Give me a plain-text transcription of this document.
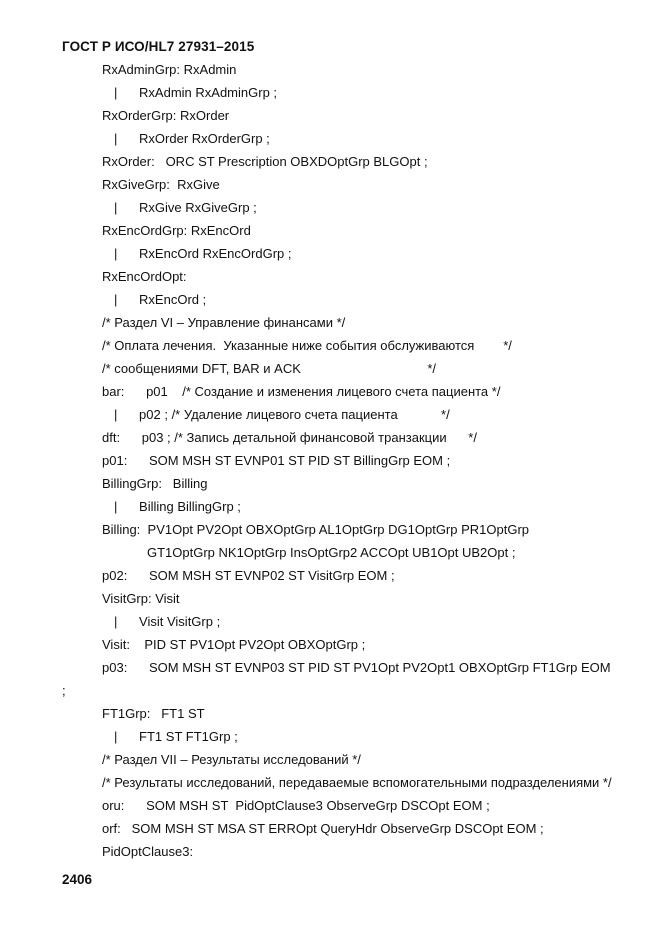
ГОСТ Р ИСО/HL7 27931–2015
RxAdminGrp: RxAdmin
|      RxAdmin RxAdminGrp ;
RxOrderGrp: RxOrder
|      RxOrder RxOrderGrp ;
RxOrder:   ORC ST Prescription OBXDOptGrp BLGOpt ;
RxGiveGrp:  RxGive
|      RxGive RxGiveGrp ;
RxEncOrdGrp: RxEncOrd
|      RxEncOrd RxEncOrdGrp ;
RxEncOrdOpt:
|      RxEncOrd ;
/* Раздел VI – Управление финансами */
/* Оплата лечения.  Указанные ниже события обслуживаются        */
/* сообщениями DFT, BAR и ACK                                   */
bar:      p01    /* Создание и изменения лицевого счета пациента */
|      p02 ; /* Удаление лицевого счета пациента            */
dft:      p03 ; /* Запись детальной финансовой транзакции      */
p01:      SOM MSH ST EVNP01 ST PID ST BillingGrp EOM ;
BillingGrp:   Billing
|      Billing BillingGrp ;
Billing:  PV1Opt PV2Opt OBXOptGrp AL1OptGrp DG1OptGrp PR1OptGrp
GT1OptGrp NK1OptGrp InsOptGrp2 ACCOpt UB1Opt UB2Opt ;
p02:      SOM MSH ST EVNP02 ST VisitGrp EOM ;
VisitGrp: Visit
|      Visit VisitGrp ;
Visit:    PID ST PV1Opt PV2Opt OBXOptGrp ;
p03:      SOM MSH ST EVNP03 ST PID ST PV1Opt PV2Opt1 OBXOptGrp FT1Grp EOM
;
FT1Grp:   FT1 ST
|      FT1 ST FT1Grp ;
/* Раздел VII – Результаты исследований */
/* Результаты исследований, передаваемые вспомогательными подразделениями */
oru:      SOM MSH ST  PidOptClause3 ObserveGrp DSCOpt EOM ;
orf:   SOM MSH ST MSA ST ERROpt QueryHdr ObserveGrp DSCOpt EOM ;
PidOptClause3:
2406
